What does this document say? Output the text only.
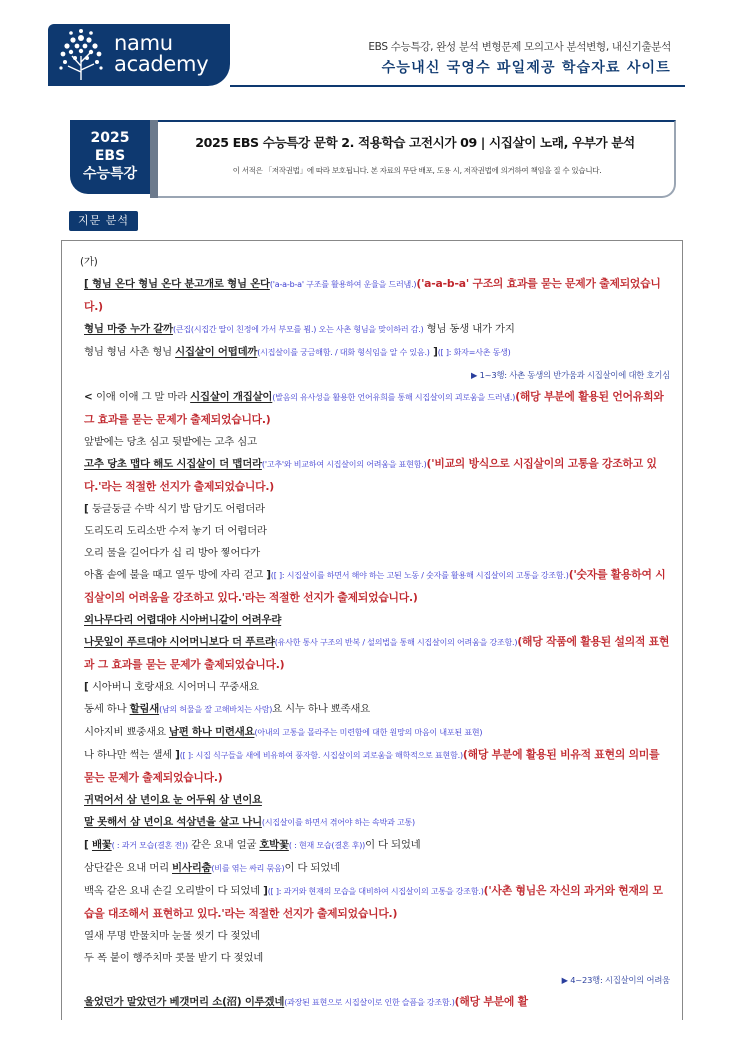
namu
academy
EBS 수능특강, 완성 분석 변형문제 모의고사 분석변형, 내신기출분석
수능내신 국영수 파일제공 학습자료 사이트
2025
EBS
수능특강
2025 EBS 수능특강 문학 2. 적용학습 고전시가 09 | 시집살이 노래, 우부가 분석
이 서적은 「저작권법」에 따라 보호됩니다. 본 자료의 무단 배포, 도용 시, 저작권법에 의거하여 책임을 질 수 있습니다.
지문 분석
(가)
[ 형님 온다 형님 온다 분고개로 형님 온다('a-a-b-a' 구조를 활용하여 운율을 드러냄.)('a-a-b-a' 구조의 효과를 묻는 문제가 출제되었습니다.)
형님 마중 누가 갈까(큰집(시집간 딸이 친정에 가서 부모를 뵘.) 오는 사촌 형님을 맞이하러 감.) 형님 동생 내가 가지
형님 형님 사촌 형님 시집살이 어떱데까(시집살이를 궁금해함. / 대화 형식임을 알 수 있음.) ]([ ]: 화자=사촌 동생)
▶ 1~3행: 사촌 동생의 반가움과 시집살이에 대한 호기심
< 이애 이애 그 말 마라 시집살이 개집살이(발음의 유사성을 활용한 언어유희를 통해 시집살이의 괴로움을 드러냄.)(해당 부분에 활용된 언어유희와 그 효과를 묻는 문제가 출제되었습니다.)
앞밭에는 당초 심고 뒷밭에는 고추 심고
고추 당초 맵다 해도 시집살이 더 맵더라('고추'와 비교하여 시집살이의 어려움을 표현함.)('비교의 방식으로 시집살이의 고통을 강조하고 있다.'라는 적절한 선지가 출제되었습니다.)
[ 둥글둥글 수박 식기 밥 담기도 어렵더라
도리도리 도리소반 수저 놓기 더 어렵더라
오리 물을 길어다가 십 리 방아 찧어다가
아홉 솥에 불을 때고 열두 방에 자리 걷고 ]([ ]: 시집살이를 하면서 해야 하는 고된 노동 / 숫자를 활용해 시집살이의 고통을 강조함.)('숫자를 활용하여 시집살이의 어려움을 강조하고 있다.'라는 적절한 선지가 출제되었습니다.)
외나무다리 어렵대야 시아버니같이 어려우랴
나뭇잎이 푸르대야 시어머니보다 더 푸르랴(유사한 통사 구조의 반복 / 설의법을 통해 시집살이의 어려움을 강조함.)(해당 작품에 활용된 설의적 표현과 그 효과를 묻는 문제가 출제되었습니다.)
[ 시아버니 호랑새요 시어머니 꾸중새요
동세 하나 할림새(남의 허물을 잘 고해바치는 사람)요 시누 하나 뾰족새요
시아지비 뾰중새요 남편 하나 미련새요(아내의 고통을 몰라주는 미련함에 대한 원망의 마음이 내포된 표현)
나 하나만 썩는 샐세 ]([ ]: 시집 식구들을 새에 비유하여 풍자함. 시집살이의 괴로움을 해학적으로 표현함.)(해당 부분에 활용된 비유적 표현의 의미를 묻는 문제가 출제되었습니다.)
귀먹어서 삼 년이요 눈 어두워 삼 년이요
말 못해서 삼 년이요 석삼년을 살고 나니(시집살이를 하면서 겪어야 하는 속박과 고통)
[ 배꽃( : 과거 모습(결혼 전)) 같은 요내 얼굴 호박꽃( : 현재 모습(결혼 후))이 다 되었네
삼단같은 요내 머리 비사리춤(비를 엮는 싸리 묶음)이 다 되었네
백옥 같은 요내 손길 오리발이 다 되었네 ]([ ]: 과거와 현재의 모습을 대비하여 시집살이의 고통을 강조함.)('사촌 형님은 자신의 과거와 현재의 모습을 대조해서 표현하고 있다.'라는 적절한 선지가 출제되었습니다.)
열새 무명 반물치마 눈물 씻기 다 젖었네
두 폭 붙이 행주치마 콧물 받기 다 젖었네
▶ 4~23행: 시집살이의 어려움
울었던가 말았던가 베갯머리 소(沼) 이루겠네(과장된 표현으로 시집살이로 인한 슬픔을 강조함.)(해당 부분에 활
